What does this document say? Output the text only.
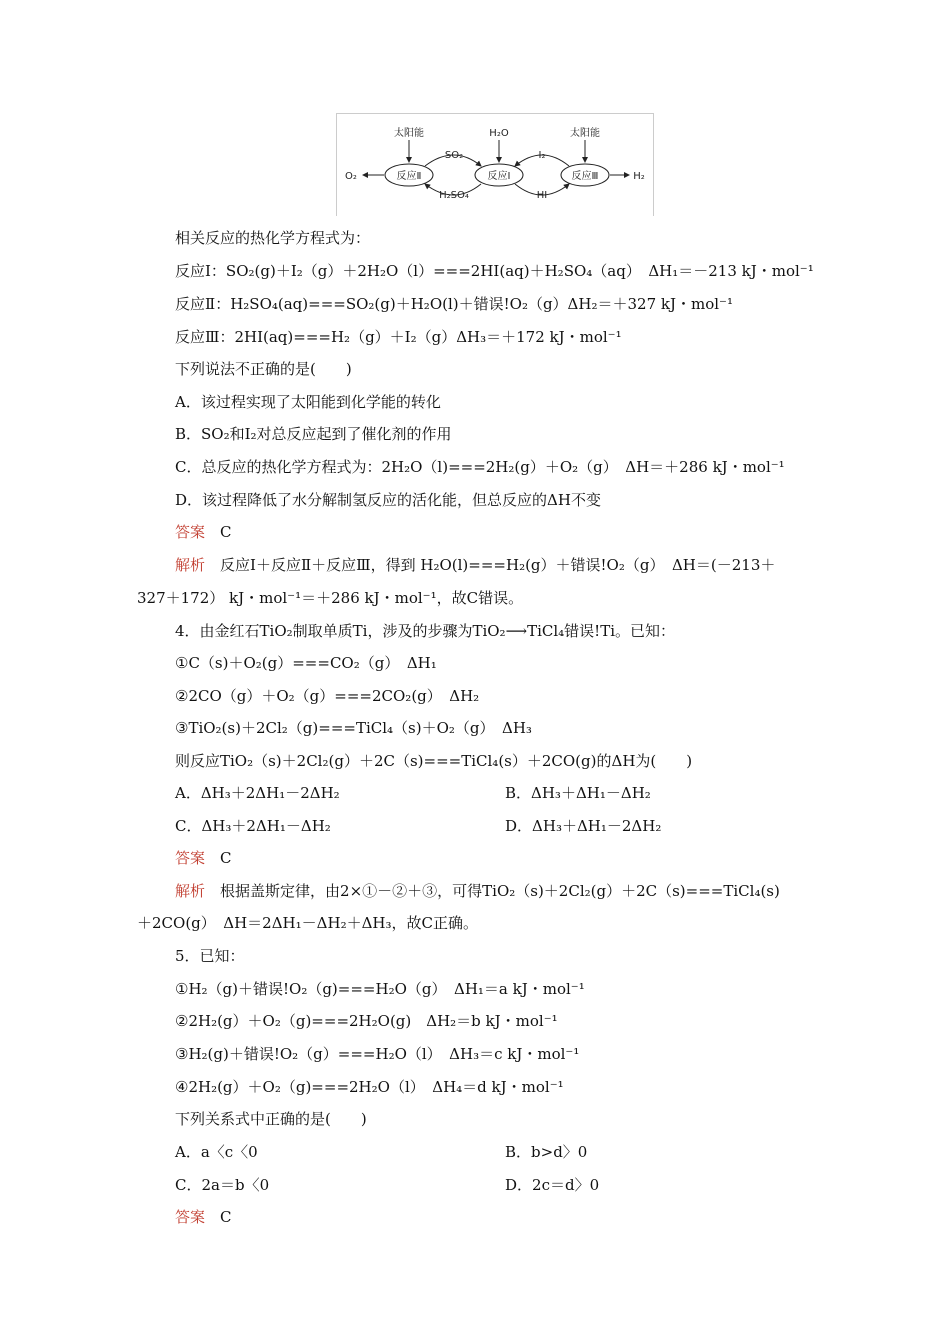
反应Ⅱ	反应Ⅰ	反应Ⅲ
太阳能	H₂O	太阳能
O₂	H₂
SO₂
H₂SO₄
I₂
HI
相关反应的热化学方程式为：
反应Ⅰ：SO₂(g)＋I₂（g）＋2H₂O（l）===2HI(aq)＋H₂SO₄（aq）　ΔH₁＝－213 kJ・mol⁻¹
反应Ⅱ：H₂SO₄(aq)===SO₂(g)＋H₂O(l)＋错误!O₂（g）ΔH₂＝＋327 kJ・mol⁻¹
反应Ⅲ：2HI(aq)===H₂（g）＋I₂（g）ΔH₃＝＋172 kJ・mol⁻¹
下列说法不正确的是(　　)
A．该过程实现了太阳能到化学能的转化
B．SO₂和I₂对总反应起到了催化剂的作用
C．总反应的热化学方程式为：2H₂O（l)===2H₂(g）＋O₂（g）　ΔH＝＋286 kJ・mol⁻¹
D．该过程降低了水分解制氢反应的活化能，但总反应的ΔH不变
答案　 C
解析　 反应Ⅰ＋反应Ⅱ＋反应Ⅲ，得到 H₂O(l)===H₂(g）＋错误!O₂（g）　ΔH＝(－213＋
327＋172） kJ・mol⁻¹＝＋286 kJ・mol⁻¹，故C错误。
4．由金红石TiO₂制取单质Ti，涉及的步骤为TiO₂⟶TiCl₄错误!Ti。已知：
①C（s)＋O₂(g）===CO₂（g）　ΔH₁
②2CO（g）＋O₂（g）===2CO₂(g）　ΔH₂
③TiO₂(s)＋2Cl₂（g)===TiCl₄（s)＋O₂（g）　ΔH₃
则反应TiO₂（s)＋2Cl₂(g）＋2C（s)===TiCl₄(s）＋2CO(g)的ΔH为(　　)
A．ΔH₃＋2ΔH₁－2ΔH₂	B．ΔH₃＋ΔH₁－ΔH₂
C．ΔH₃＋2ΔH₁－ΔH₂	D．ΔH₃＋ΔH₁－2ΔH₂
答案　 C
解析　 根据盖斯定律，由2×①－②＋③，可得TiO₂（s)＋2Cl₂(g）＋2C（s)===TiCl₄(s)
＋2CO(g）　ΔH＝2ΔH₁－ΔH₂＋ΔH₃，故C正确。
5．已知：
①H₂（g)＋错误!O₂（g)===H₂O（g）　ΔH₁＝a kJ・mol⁻¹
②2H₂(g）＋O₂（g)===2H₂O(g)　ΔH₂＝b kJ・mol⁻¹
③H₂(g)＋错误!O₂（g）===H₂O（l）　ΔH₃＝c kJ・mol⁻¹
④2H₂(g）＋O₂（g)===2H₂O（l）　ΔH₄＝d kJ・mol⁻¹
下列关系式中正确的是(　　)
A．a〈c〈0	B．b>d〉0
C．2a＝b〈0	D．2c＝d〉0
答案　 C
